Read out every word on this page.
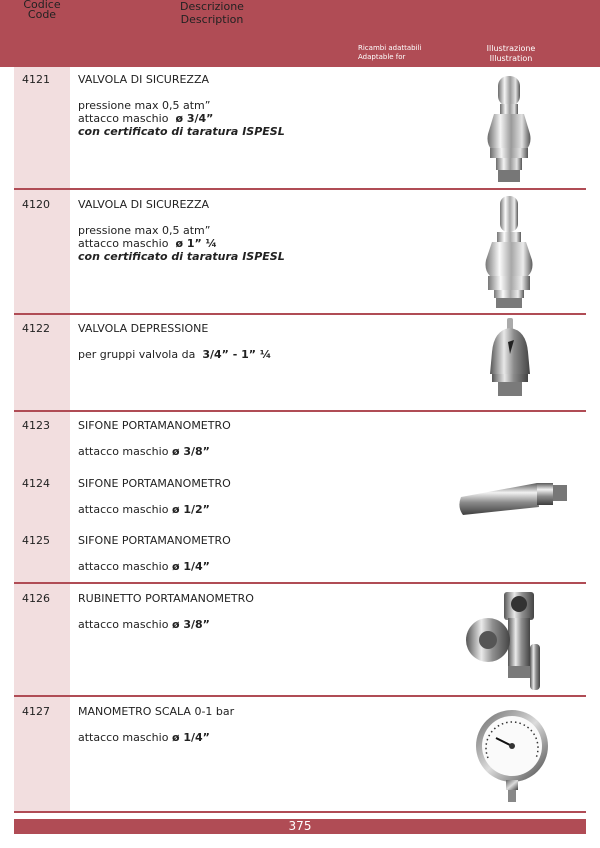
Codice
Code
Descrizione
Description
Ricambi adattabili
Adaptable for
Illustrazione
Illustration
4121	VALVOLA DI SICUREZZA
pressione max 0,5 atm”
attacco maschio ø 3/4”
con certificato di taratura ISPESL
4120	VALVOLA DI SICUREZZA
pressione max 0,5 atm”
attacco maschio ø 1” ¼
con certificato di taratura ISPESL
4122	VALVOLA DEPRESSIONE
per gruppi valvola da 3/4” - 1” ¼
4123	SIFONE PORTAMANOMETRO
attacco maschio ø 3/8”
4124	SIFONE PORTAMANOMETRO
attacco maschio ø 1/2”
4125	SIFONE PORTAMANOMETRO
attacco maschio ø 1/4”
4126	RUBINETTO PORTAMANOMETRO
attacco maschio ø 3/8”
4127	MANOMETRO SCALA 0-1 bar
attacco maschio ø 1/4”
375
